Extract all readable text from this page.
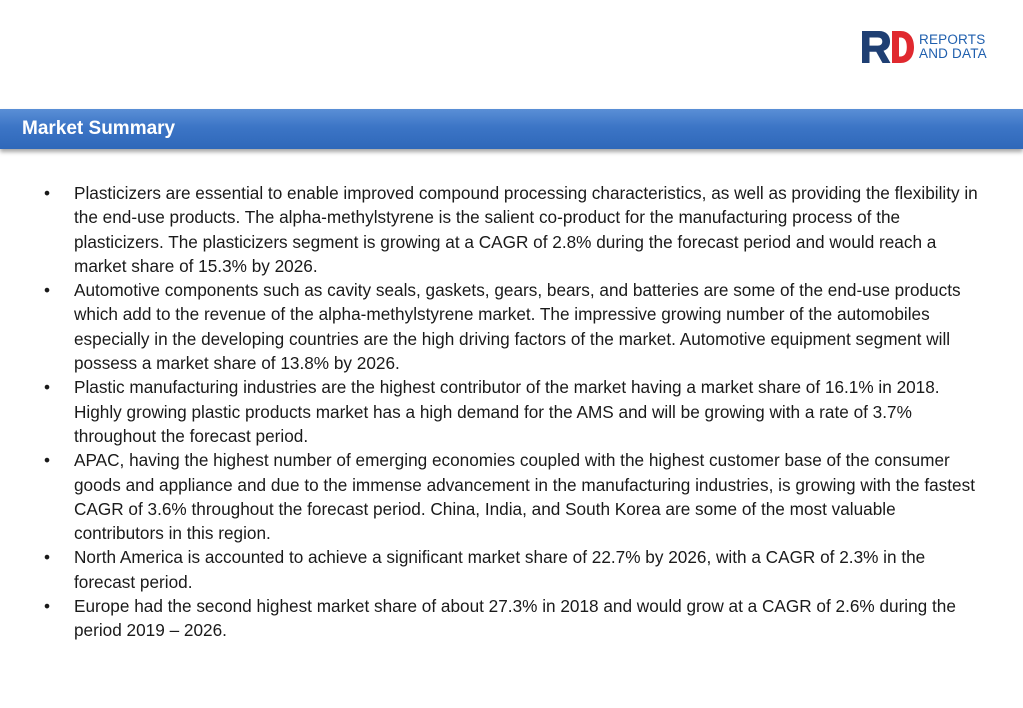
REPORTS
AND DATA
Market Summary
• Plasticizers are essential to enable improved compound processing characteristics, as well as providing the flexibility in the end-use products. The alpha-methylstyrene is the salient co-product for the manufacturing process of the plasticizers. The plasticizers segment is growing at a CAGR of 2.8% during the forecast period and would reach a market share of 15.3% by 2026.
• Automotive components such as cavity seals, gaskets, gears, bears, and batteries are some of the end-use products which add to the revenue of the alpha-methylstyrene market. The impressive growing number of the automobiles especially in the developing countries are the high driving factors of the market. Automotive equipment segment will possess a market share of 13.8% by 2026.
• Plastic manufacturing industries are the highest contributor of the market having a market share of 16.1% in 2018. Highly growing plastic products market has a high demand for the AMS and will be growing with a rate of 3.7% throughout the forecast period.
• APAC, having the highest number of emerging economies coupled with the highest customer base of the consumer goods and appliance and due to the immense advancement in the manufacturing industries, is growing with the fastest CAGR of 3.6% throughout the forecast period. China, India, and South Korea are some of the most valuable contributors in this region.
• North America is accounted to achieve a significant market share of 22.7% by 2026, with a CAGR of 2.3% in the forecast period.
• Europe had the second highest market share of about 27.3% in 2018 and would grow at a CAGR of 2.6% during the period 2019 – 2026.
